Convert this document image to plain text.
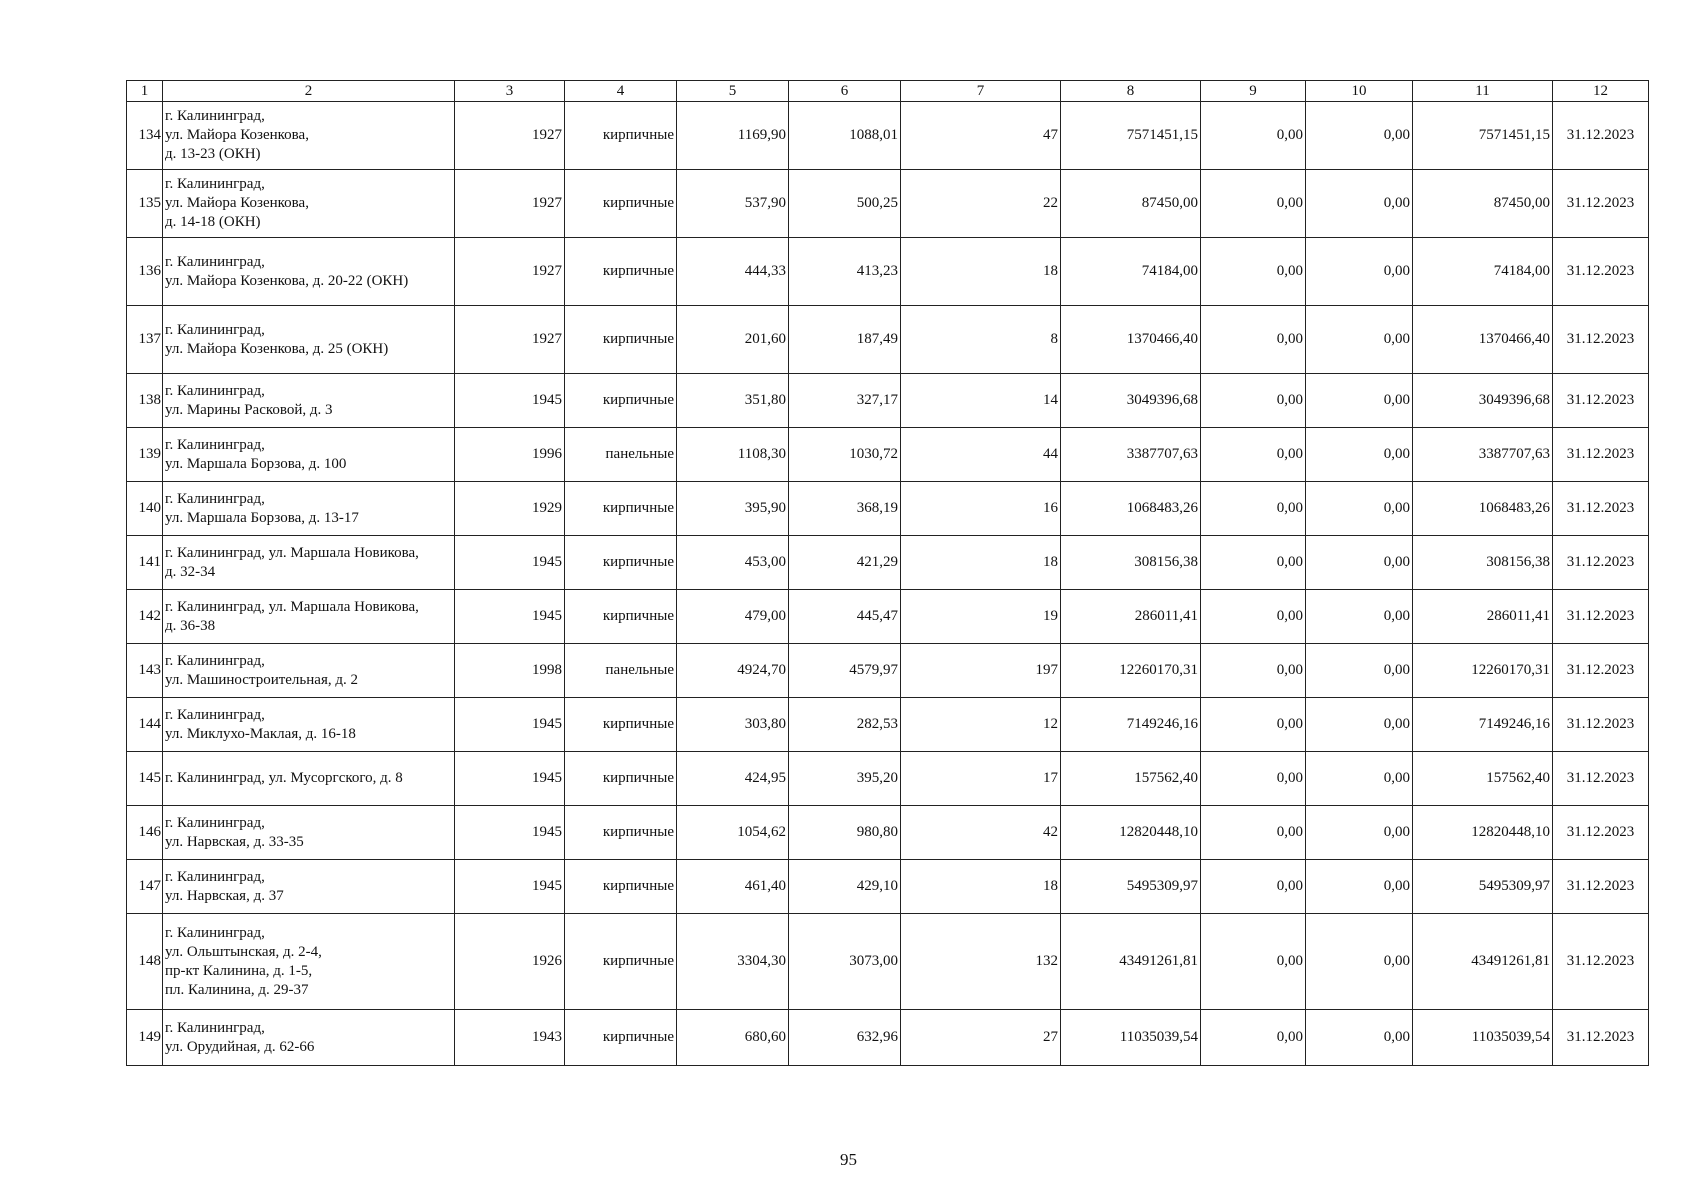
1	2	3	4	5	6	7	8	9	10	11	12
134	г. Калининград,
ул. Майора Козенкова,
д. 13-23 (ОКН)	1927	кирпичные	1169,90	1088,01	47	7571451,15	0,00	0,00	7571451,15	31.12.2023
135	г. Калининград,
ул. Майора Козенкова,
д. 14-18 (ОКН)	1927	кирпичные	537,90	500,25	22	87450,00	0,00	0,00	87450,00	31.12.2023
136	г. Калининград,
ул. Майора Козенкова, д. 20-22 (ОКН)	1927	кирпичные	444,33	413,23	18	74184,00	0,00	0,00	74184,00	31.12.2023
137	г. Калининград,
ул. Майора Козенкова, д. 25 (ОКН)	1927	кирпичные	201,60	187,49	8	1370466,40	0,00	0,00	1370466,40	31.12.2023
138	г. Калининград,
ул. Марины Расковой, д. 3	1945	кирпичные	351,80	327,17	14	3049396,68	0,00	0,00	3049396,68	31.12.2023
139	г. Калининград,
ул. Маршала Борзова, д. 100	1996	панельные	1108,30	1030,72	44	3387707,63	0,00	0,00	3387707,63	31.12.2023
140	г. Калининград,
ул. Маршала Борзова, д. 13-17	1929	кирпичные	395,90	368,19	16	1068483,26	0,00	0,00	1068483,26	31.12.2023
141	г. Калининград, ул. Маршала Новикова,
д. 32-34	1945	кирпичные	453,00	421,29	18	308156,38	0,00	0,00	308156,38	31.12.2023
142	г. Калининград, ул. Маршала Новикова,
д. 36-38	1945	кирпичные	479,00	445,47	19	286011,41	0,00	0,00	286011,41	31.12.2023
143	г. Калининград,
ул. Машиностроительная, д. 2	1998	панельные	4924,70	4579,97	197	12260170,31	0,00	0,00	12260170,31	31.12.2023
144	г. Калининград,
ул. Миклухо-Маклая, д. 16-18	1945	кирпичные	303,80	282,53	12	7149246,16	0,00	0,00	7149246,16	31.12.2023
145	г. Калининград, ул. Мусоргского, д. 8	1945	кирпичные	424,95	395,20	17	157562,40	0,00	0,00	157562,40	31.12.2023
146	г. Калининград,
ул. Нарвская, д. 33-35	1945	кирпичные	1054,62	980,80	42	12820448,10	0,00	0,00	12820448,10	31.12.2023
147	г. Калининград,
ул. Нарвская, д. 37	1945	кирпичные	461,40	429,10	18	5495309,97	0,00	0,00	5495309,97	31.12.2023
148	г. Калининград,
ул. Ольштынская, д. 2-4,
пр-кт Калинина, д. 1-5,
пл. Калинина, д. 29-37	1926	кирпичные	3304,30	3073,00	132	43491261,81	0,00	0,00	43491261,81	31.12.2023
149	г. Калининград,
ул. Орудийная, д. 62-66	1943	кирпичные	680,60	632,96	27	11035039,54	0,00	0,00	11035039,54	31.12.2023
95
